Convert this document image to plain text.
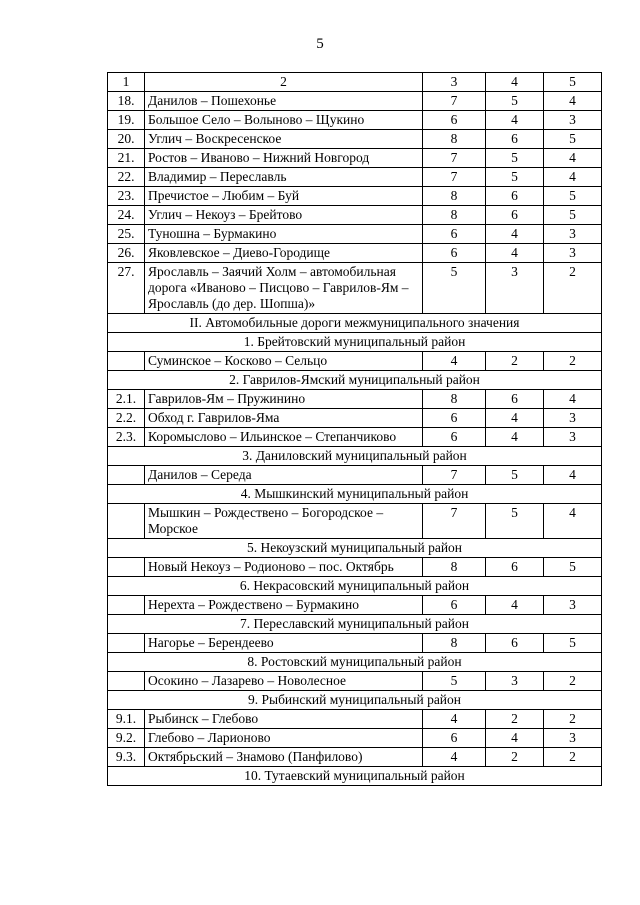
5
1	2	3	4	5
18.	Данилов – Пошехонье	7	5	4
19.	Большое Село – Волыново – Щукино	6	4	3
20.	Углич – Воскресенское	8	6	5
21.	Ростов – Иваново – Нижний Новгород	7	5	4
22.	Владимир – Переславль	7	5	4
23.	Пречистое – Любим – Буй	8	6	5
24.	Углич – Некоуз – Брейтово	8	6	5
25.	Туношна – Бурмакино	6	4	3
26.	Яковлевское – Диево-Городище	6	4	3
27.	Ярославль – Заячий Холм – автомобильная дорога «Иваново – Писцово – Гаврилов-Ям – Ярославль (до дер. Шопша)»	5	3	2
II. Автомобильные дороги межмуниципального значения				
1. Брейтовский муниципальный район				
	Суминское – Косково – Сельцо	4	2	2
2. Гаврилов-Ямский муниципальный район				
2.1.	Гаврилов-Ям – Пружинино	8	6	4
2.2.	Обход г. Гаврилов-Яма	6	4	3
2.3.	Коромыслово – Ильинское – Степанчиково	6	4	3
3. Даниловский муниципальный район				
	Данилов – Середа	7	5	4
4. Мышкинский муниципальный район				
	Мышкин – Рождествено – Богородское – Морское	7	5	4
5. Некоузский муниципальный район				
	Новый Некоуз – Родионово – пос. Октябрь	8	6	5
6. Некрасовский муниципальный район				
	Нерехта – Рождествено – Бурмакино	6	4	3
7. Переславский муниципальный район				
	Нагорье – Берендеево	8	6	5
8. Ростовский муниципальный район				
	Осокино – Лазарево – Новолесное	5	3	2
9. Рыбинский муниципальный район				
9.1.	Рыбинск – Глебово	4	2	2
9.2.	Глебово – Ларионово	6	4	3
9.3.	Октябрьский – Знамово (Панфилово)	4	2	2
10. Тутаевский муниципальный район				
